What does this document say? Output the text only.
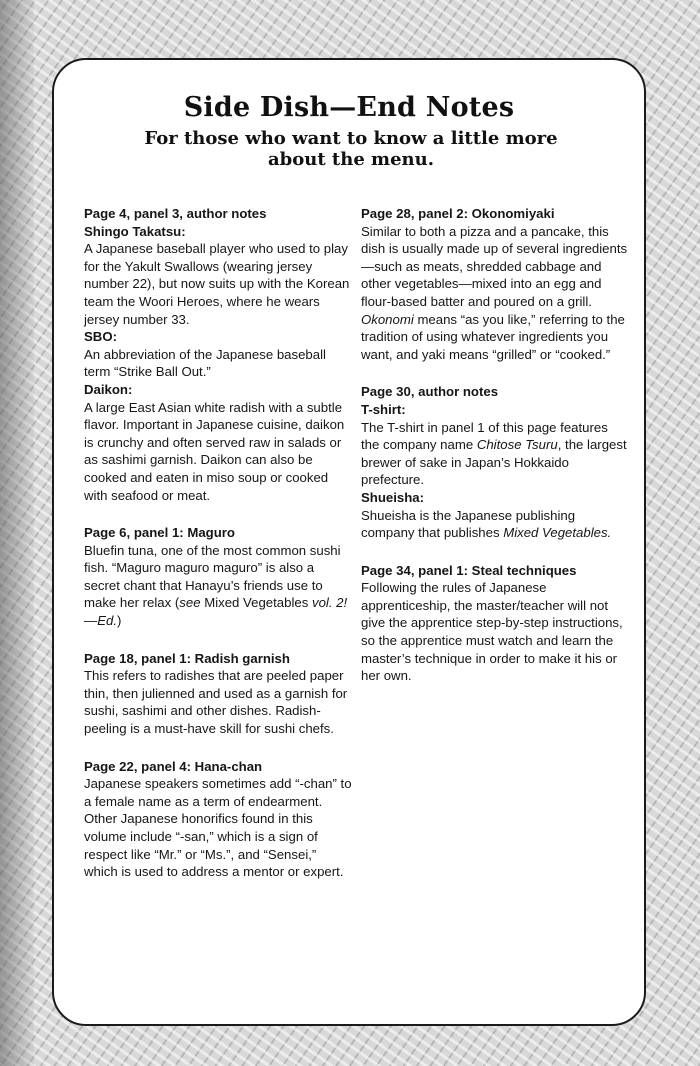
Side Dish—End Notes
For those who want to know a little more about the menu.

Page 4, panel 3, author notes

Shingo Takatsu:

A Japanese baseball player who used to play for the Yakult Swallows (wearing jersey number 22), but now suits up with the Korean team the Woori Heroes, where he wears jersey number 33.

SBO:

An abbreviation of the Japanese baseball term “Strike Ball Out.”

Daikon:

A large East Asian white radish with a subtle flavor. Important in Japanese cuisine, daikon is crunchy and often served raw in salads or as sashimi garnish. Daikon can also be cooked and eaten in miso soup or cooked with seafood or meat.

Page 6, panel 1: Maguro

Bluefin tuna, one of the most common sushi fish. “Maguro maguro maguro” is also a secret chant that Hanayu’s friends use to make her relax (see Mixed Vegetables vol. 2!—Ed.)

Page 18, panel 1: Radish garnish

This refers to radishes that are peeled paper thin, then julienned and used as a garnish for sushi, sashimi and other dishes. Radish-peeling is a must-have skill for sushi chefs.

Page 22, panel 4: Hana-chan

Japanese speakers sometimes add “-chan” to a female name as a term of endearment. Other Japanese honorifics found in this volume include “-san,” which is a sign of respect like “Mr.” or “Ms.”, and “Sensei,” which is used to address a mentor or expert.

Page 28, panel 2: Okonomiyaki

Similar to both a pizza and a pancake, this dish is usually made up of several ingredients—such as meats, shredded cabbage and other vegetables—mixed into an egg and flour-based batter and poured on a grill. Okonomi means “as you like,” referring to the tradition of using whatever ingredients you want, and yaki means “grilled” or “cooked.”

Page 30, author notes

T-shirt:

The T-shirt in panel 1 of this page features the company name Chitose Tsuru, the largest brewer of sake in Japan’s Hokkaido prefecture.

Shueisha:

Shueisha is the Japanese publishing company that publishes Mixed Vegetables.

Page 34, panel 1: Steal techniques

Following the rules of Japanese apprenticeship, the master/teacher will not give the apprentice step-by-step instructions, so the apprentice must watch and learn the master’s technique in order to make it his or her own.
